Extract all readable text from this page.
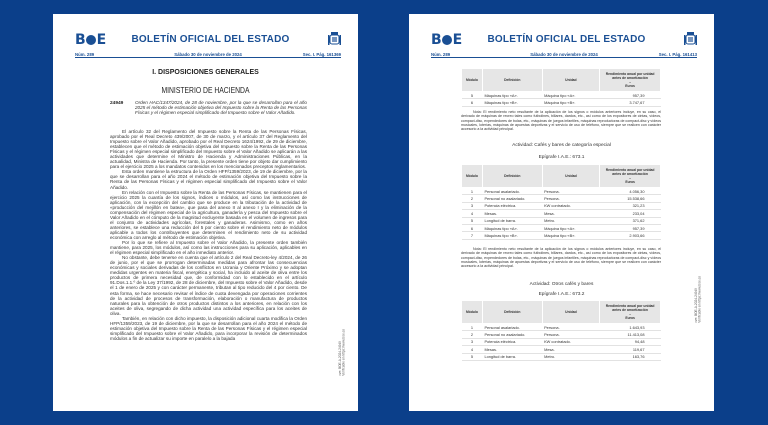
B E	BOLETÍN OFICIAL DEL ESTADO
Núm. 289	Sábado 30 de noviembre de 2024	Sec. I. Pág. 161369
I. DISPOSICIONES GENERALES
MINISTERIO DE HACIENDA
24949	Orden HAC/1347/2024, de 28 de noviembre, por la que se desarrollan para el año 2025 el método de estimación objetiva del Impuesto sobre la Renta de las Personas Físicas y el régimen especial simplificado del Impuesto sobre el Valor Añadido.

El artículo 32 del Reglamento del Impuesto sobre la Renta de las Personas Físicas, aprobado por el Real Decreto 439/2007, de 30 de marzo, y el artículo 37 del Reglamento del Impuesto sobre el Valor Añadido, aprobado por el Real Decreto 1624/1992, de 29 de diciembre, establecen que el método de estimación objetiva del Impuesto sobre la Renta de las Personas Físicas y el régimen especial simplificado del Impuesto sobre el Valor Añadido se aplicarán a las actividades que determine el Ministro de Hacienda y Administraciones Públicas, en la actualidad, Ministra de Hacienda. Por tanto, la presente orden tiene por objeto dar cumplimiento para el ejercicio 2025 a los mandatos contenidos en los mencionados preceptos reglamentarios.

Esta orden mantiene la estructura de la Orden HFP/1359/2023, de 19 de diciembre, por la que se desarrollan para el año 2024 el método de estimación objetiva del Impuesto sobre la Renta de las Personas Físicas y el régimen especial simplificado del Impuesto sobre el Valor Añadido.

En relación con el Impuesto sobre la Renta de las Personas Físicas, se mantienen para el ejercicio 2025 la cuantía de los signos, índices o módulos, así como las instrucciones de aplicación, con la excepción del cambio que se produce en la tributación de la actividad de «producción del mejillón en batea», que pasa del anexo II al anexo I y la eliminación de la compensación del régimen especial de la agricultura, ganadería y pesca del Impuesto sobre el Valor Añadido en el cómputo de la magnitud excluyente basada en el volumen de ingresos para el conjunto de actividades agrícolas, forestales y ganaderas. Asimismo, como en años anteriores, se establece una reducción del 5 por ciento sobre el rendimiento neto de módulos aplicable a todos los contribuyentes que determinen el rendimiento neto de su actividad económica con arreglo al método de estimación objetiva.

Por lo que se refiere al Impuesto sobre el Valor Añadido, la presente orden también mantiene, para 2025, los módulos, así como las instrucciones para su aplicación, aplicables en el régimen especial simplificado en el año inmediato anterior.

No obstante, debe tenerse en cuenta que el artículo 2 del Real Decreto-ley 4/2024, de 26 de junio, por el que se prorrogan determinadas medidas para afrontar las consecuencias económicas y sociales derivadas de los conflictos en Ucrania y Oriente Próximo y se adoptan medidas urgentes en materia fiscal, energética y social, ha incluido al aceite de oliva entre los productos de primera necesidad que, de conformidad con lo establecido en el artículo 91.Dos.1.1.º de la Ley 37/1992, de 28 de diciembre, del Impuesto sobre el Valor Añadido, desde el 1 de enero de 2025 y con carácter permanente, tributan al tipo reducido del 4 por ciento. De esta forma, se hace necesario revisar el índice de cuota devengada por operaciones corrientes de la actividad de procesos de transformación, elaboración o manufactura de productos naturales para la obtención de otros productos distintos a los anteriores, en relación con los aceites de oliva, segregando de dicha actividad una actividad específica para los aceites de oliva.

También, en relación con dicho impuesto, la disposición adicional cuarta modifica la Orden HFP/1359/2023, de 19 de diciembre, por la que se desarrollan para el año 2024 el método de estimación objetiva del Impuesto sobre la Renta de las Personas Físicas y el régimen especial simplificado del Impuesto sobre el Valor Añadido, para incorporar la revisión de determinados módulos a fin de actualizar su importe en paralelo a la bajada

cve: BOE-A-2024-24949
Verificable en https://www.boe.es
B E	BOLETÍN OFICIAL DEL ESTADO
Núm. 289	Sábado 30 de noviembre de 2024	Sec. I. Pág. 161413
Módulo	Definición	Unidad	Rendimiento anual por unidad antes de amortización
–
Euros
5	Máquinas tipo «A».	Máquina tipo «A».	957,39
6	Máquinas tipo «B».	Máquina tipo «B».	3.747,67
Nota: El rendimiento neto resultante de la aplicación de los signos o módulos anteriores incluye, en su caso, el derivado de máquinas de recreo tales como futbolines, billares, dardos, etc., así como de los expositores de cintas, vídeos, compact-disc, expendedores de bolas, etc., máquinas de juegos infantiles, máquinas reproductoras de compact-disc y vídeos musicales, loterías, máquinas de apuestas deportivas y el servicio de uso de teléfono, siempre que se realicen con carácter accesorio a la actividad principal.
Actividad: Cafés y bares de categoría especial
Epígrafe I.A.E.: 673.1
Módulo	Definición	Unidad	Rendimiento anual por unidad antes de amortización
–
Euros
1	Personal asalariado.	Persona.	4.056,30
2	Personal no asalariado.	Persona.	15.538,66
3	Potencia eléctrica.	KW contratado.	321,23
4	Mesas.	Mesa.	233,04
5	Longitud de barra.	Metro.	371,62
6	Máquinas tipo «A».	Máquina tipo «A».	957,39
7	Máquinas tipo «B».	Máquina tipo «B».	2.903,66
Nota: El rendimiento neto resultante de la aplicación de los signos o módulos anteriores incluye, en su caso, el derivado de máquinas de recreo tales como futbolines, billares, dardos, etc., así como de los expositores de cintas, vídeos, compact-disc, expendedores de bolas, etc., máquinas de juegos infantiles, máquinas reproductoras de compact-disc y vídeos musicales, loterías, máquinas de apuestas deportivas y el servicio de uso de teléfono, siempre que se realicen con carácter accesorio a la actividad principal.
Actividad: Otros cafés y bares
Epígrafe I.A.E.: 673.2
Módulo	Definición	Unidad	Rendimiento anual por unidad antes de amortización
–
Euros
1	Personal asalariado.	Persona.	1.643,93
2	Personal no asalariado.	Persona.	11.413,08
3	Potencia eléctrica.	KW contratado.	94,48
4	Mesas.	Mesa.	119,67
5	Longitud de barra.	Metro.	163,76
cve: BOE-A-2024-24949
Verificable en https://www.boe.es
